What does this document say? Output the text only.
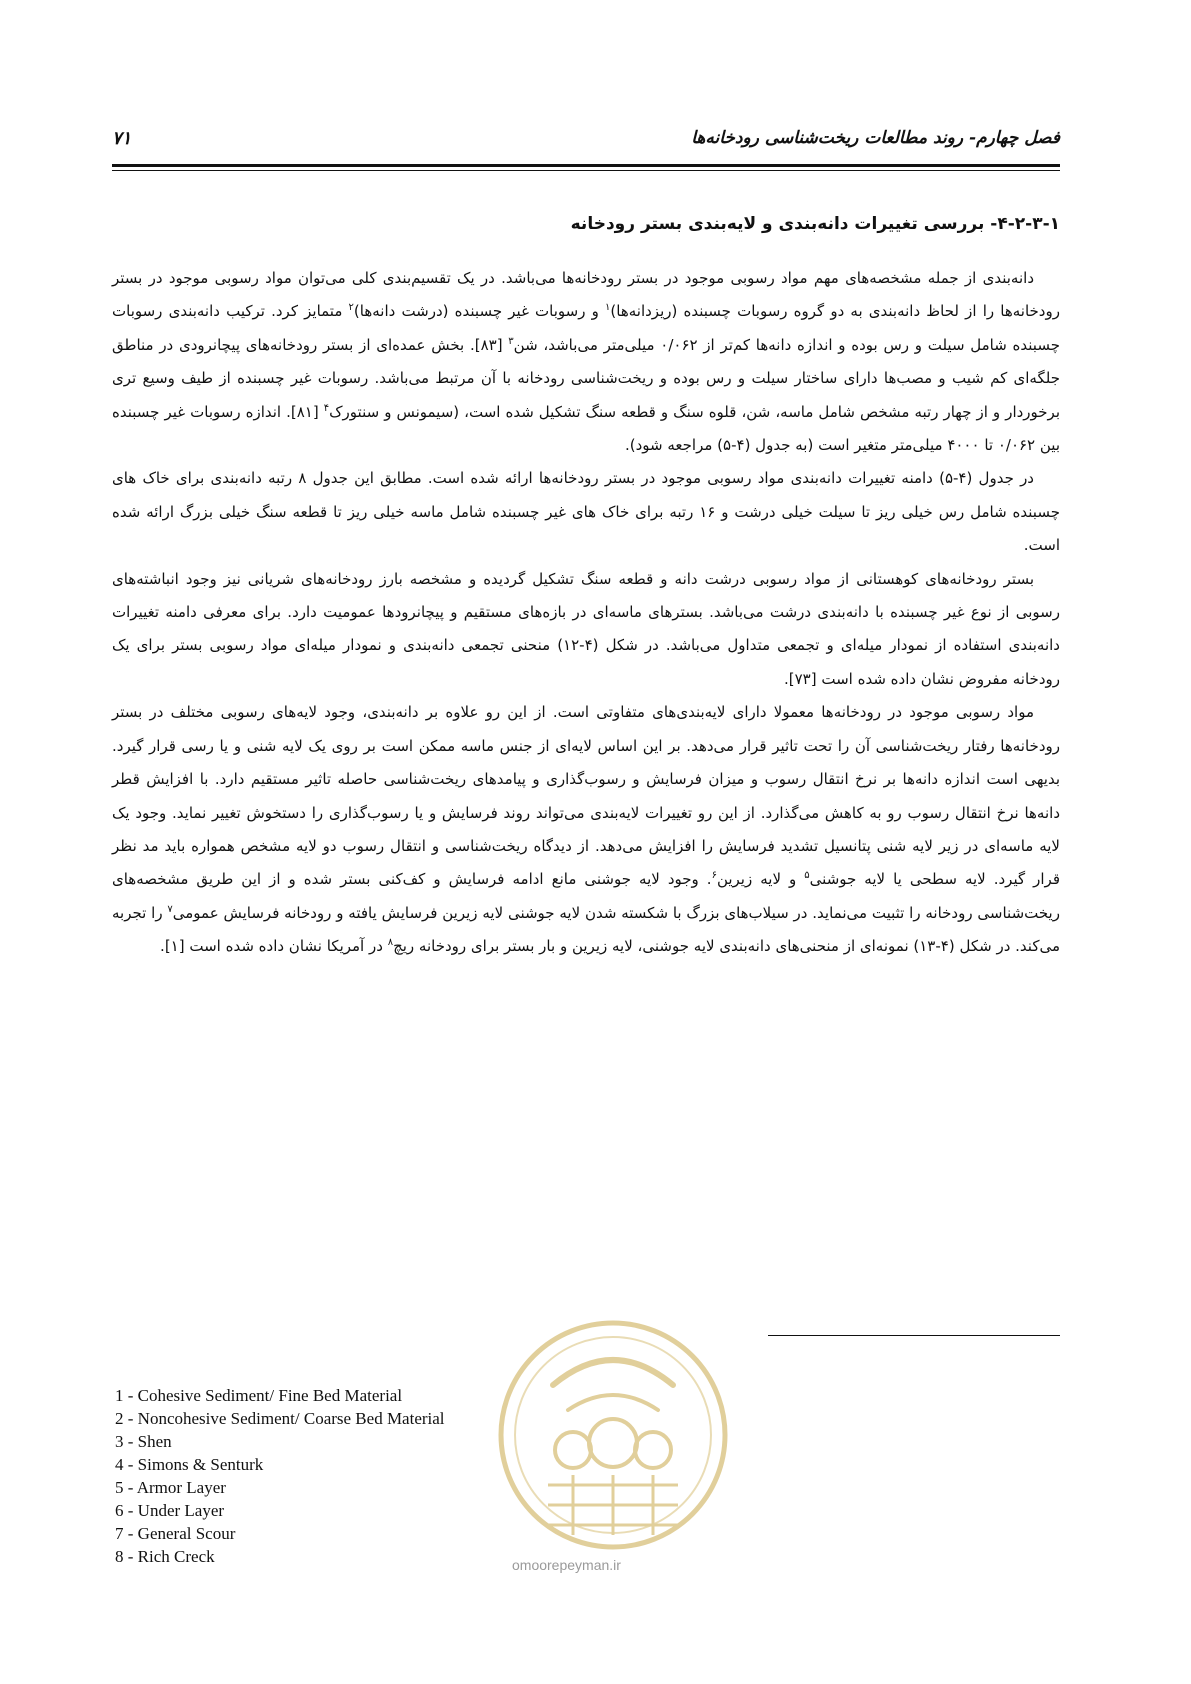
فصل چهارم- روند مطالعات ریخت‌شناسی رودخانه‌ها
۷۱
۴-۲-۳-۱- بررسی تغییرات دانه‌بندی و لایه‌بندی بستر رودخانه

دانه‌بندی از جمله مشخصه‌های مهم مواد رسوبی موجود در بستر رودخانه‌ها می‌باشد. در یک تقسیم‌بندی کلی می‌توان مواد رسوبی موجود در بستر رودخانه‌ها را از لحاظ دانه‌بندی به دو گروه رسوبات چسبنده (ریزدانه‌ها)$^۱$ و رسوبات غیر چسبنده (درشت دانه‌ها)$^۲$ متمایز کرد. ترکیب دانه‌بندی رسوبات چسبنده شامل سیلت و رس بوده و اندازه دانه‌ها کم‌تر از ۰/۰۶۲ میلی‌متر می‌باشد، شن$^۳$ [۸۳]. بخش عمده‌ای از بستر رودخانه‌های پیچانرودی در مناطق جلگه‌ای کم شیب و مصب‌ها دارای ساختار سیلت و رس بوده و ریخت‌شناسی رودخانه با آن مرتبط می‌باشد. رسوبات غیر چسبنده از طیف وسیع تری برخوردار و از چهار رتبه مشخص شامل ماسه، شن، قلوه سنگ و قطعه سنگ تشکیل شده است، (سیمونس و سنتورک$^۴$ [۸۱]. اندازه رسوبات غیر چسبنده بین ۰/۰۶۲ تا ۴۰۰۰ میلی‌متر متغیر است (به جدول (۴-۵) مراجعه شود).

در جدول (۴-۵) دامنه تغییرات دانه‌بندی مواد رسوبی موجود در بستر رودخانه‌ها ارائه شده است. مطابق این جدول ۸ رتبه دانه‌بندی برای خاک های چسبنده شامل رس خیلی ریز تا سیلت خیلی درشت و ۱۶ رتبه برای خاک های غیر چسبنده شامل ماسه خیلی ریز تا قطعه سنگ خیلی بزرگ ارائه شده است.

بستر رودخانه‌های کوهستانی از مواد رسوبی درشت دانه و قطعه سنگ تشکیل گردیده و مشخصه بارز رودخانه‌های شریانی نیز وجود انباشته‌های رسوبی از نوع غیر چسبنده با دانه‌بندی درشت می‌باشد. بسترهای ماسه‌ای در بازه‌های مستقیم و پیچانرودها عمومیت دارد. برای معرفی دامنه تغییرات دانه‌بندی استفاده از نمودار میله‌ای و تجمعی متداول می‌باشد. در شکل (۴-۱۲) منحنی تجمعی دانه‌بندی و نمودار میله‌ای مواد رسوبی بستر برای یک رودخانه مفروض نشان داده شده است [۷۳].

مواد رسوبی موجود در رودخانه‌ها معمولا دارای لایه‌بندی‌های متفاوتی است. از این رو علاوه بر دانه‌بندی، وجود لایه‌های رسوبی مختلف در بستر رودخانه‌ها رفتار ریخت‌شناسی آن را تحت تاثیر قرار می‌دهد. بر این اساس لایه‌ای از جنس ماسه ممکن است بر روی یک لایه شنی و یا رسی قرار گیرد. بدیهی است اندازه دانه‌ها بر نرخ انتقال رسوب و میزان فرسایش و رسوب‌گذاری و پیامدهای ریخت‌شناسی حاصله تاثیر مستقیم دارد. با افزایش قطر دانه‌ها نرخ انتقال رسوب رو به کاهش می‌گذارد. از این رو تغییرات لایه‌بندی می‌تواند روند فرسایش و یا رسوب‌گذاری را دستخوش تغییر نماید. وجود یک لایه ماسه‌ای در زیر لایه شنی پتانسیل تشدید فرسایش را افزایش می‌دهد. از دیدگاه ریخت‌شناسی و انتقال رسوب دو لایه مشخص همواره باید مد نظر قرار گیرد. لایه سطحی یا لایه جوشنی$^۵$ و لایه زیرین$^۶$. وجود لایه جوشنی مانع ادامه فرسایش و کف‌کنی بستر شده و از این طریق مشخصه‌های ریخت‌شناسی رودخانه را تثبیت می‌نماید. در سیلاب‌های بزرگ با شکسته شدن لایه جوشنی لایه زیرین فرسایش یافته و رودخانه فرسایش عمومی$^۷$ را تجربه می‌کند. در شکل (۴-۱۳) نمونه‌ای از منحنی‌های دانه‌بندی لایه جوشنی، لایه زیرین و بار بستر برای رودخانه ریچ$^۸$ در آمریکا نشان داده شده است [۱].

omoorepeyman.ir
1 - Cohesive Sediment/ Fine Bed Material
2 - Noncohesive Sediment/ Coarse Bed Material
3 - Shen
4 - Simons & Senturk
5 - Armor Layer
6 - Under Layer
7 - General Scour
8 - Rich Creck
